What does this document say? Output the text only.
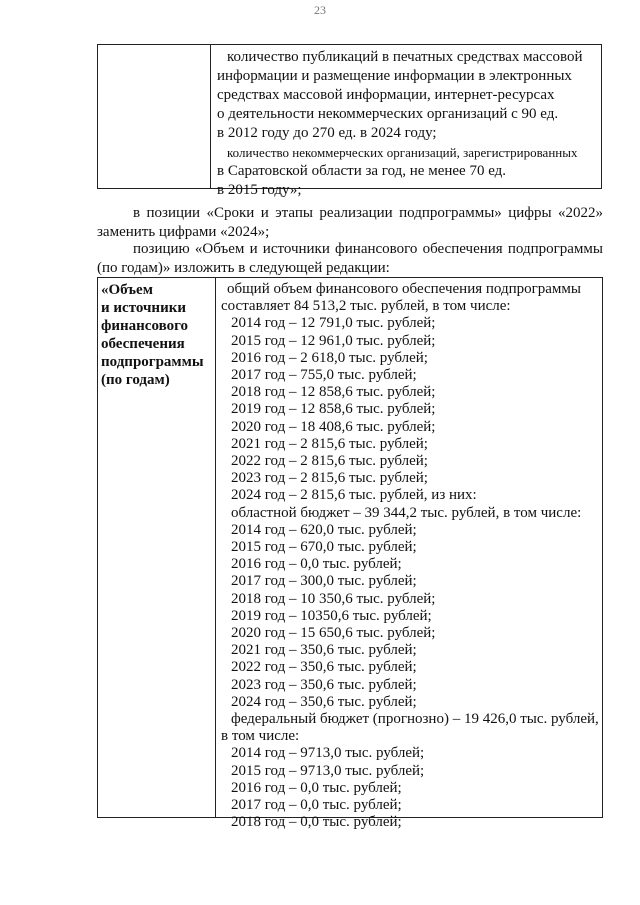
23

количество публикаций в печатных средствах массовой

информации и размещение информации в электронных

средствах массовой информации, интернет-ресурсах

о деятельности некоммерческих организаций с 90 ед.

в 2012 году до 270 ед. в 2024 году;

количество некоммерческих организаций, зарегистрированных

в Саратовской области за год, не менее 70 ед.

в 2015 году»;

в позиции «Сроки и этапы реализации подпрограммы» цифры «2022» заменить цифрами «2024»;

позицию «Объем и источники финансового обеспечения подпрограммы (по годам)» изложить в следующей редакции:

«Объем
и источники
финансового
обеспечения
подпрограммы
(по годам)
общий объем финансового обеспечения подпрограммы
составляет 84 513,2 тыс. рублей, в том числе:
2014 год – 12 791,0 тыс. рублей;
2015 год – 12 961,0 тыс. рублей;
2016 год – 2 618,0 тыс. рублей;
2017 год – 755,0 тыс. рублей;
2018 год – 12 858,6 тыс. рублей;
2019 год – 12 858,6 тыс. рублей;
2020 год – 18 408,6 тыс. рублей;
2021 год – 2 815,6 тыс. рублей;
2022 год – 2 815,6 тыс. рублей;
2023 год – 2 815,6 тыс. рублей;
2024 год – 2 815,6 тыс. рублей, из них:
областной бюджет – 39 344,2 тыс. рублей, в том числе:
2014 год – 620,0 тыс. рублей;
2015 год – 670,0 тыс. рублей;
2016 год – 0,0 тыс. рублей;
2017 год – 300,0 тыс. рублей;
2018 год – 10 350,6 тыс. рублей;
2019 год – 10350,6 тыс. рублей;
2020 год – 15 650,6 тыс. рублей;
2021 год – 350,6 тыс. рублей;
2022 год – 350,6 тыс. рублей;
2023 год – 350,6 тыс. рублей;
2024 год – 350,6 тыс. рублей;
федеральный бюджет (прогнозно) – 19 426,0 тыс. рублей,
в том числе:
2014 год – 9713,0 тыс. рублей;
2015 год – 9713,0 тыс. рублей;
2016 год – 0,0 тыс. рублей;
2017 год – 0,0 тыс. рублей;
2018 год – 0,0 тыс. рублей;
